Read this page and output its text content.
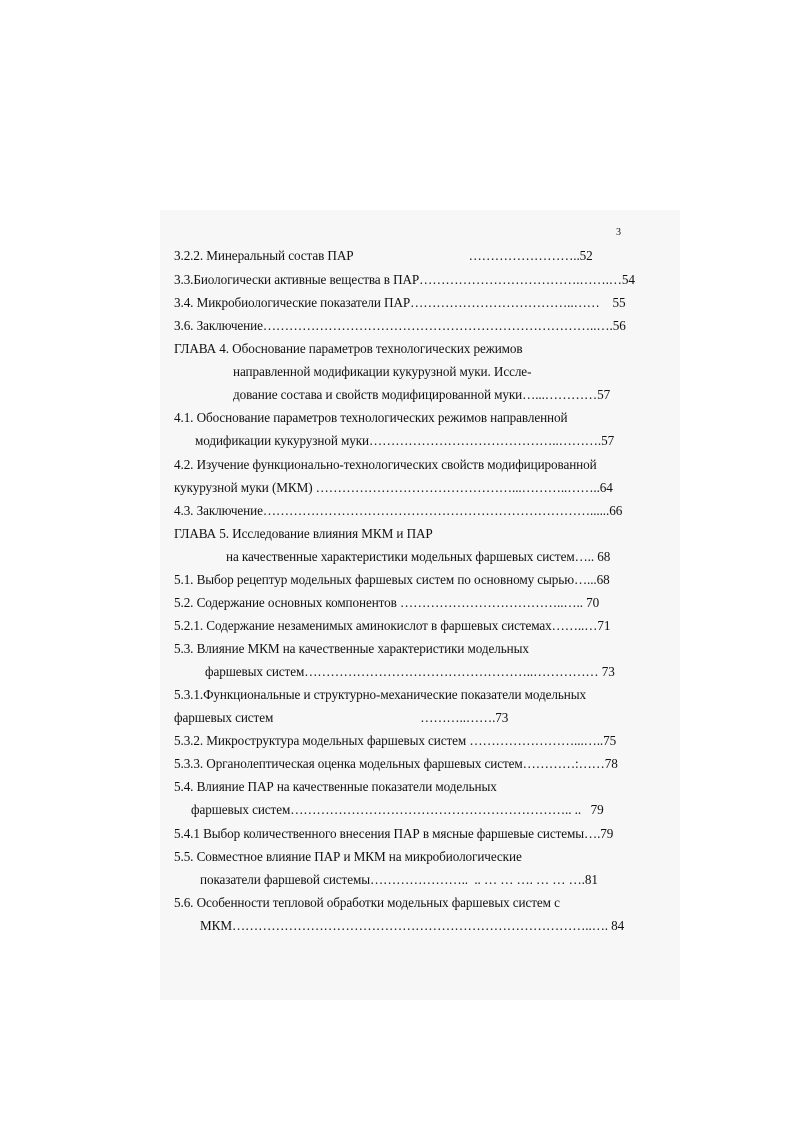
3
3.2.2. Минеральный состав ПАР                                    ……………………..52
3.3.Биологически активные вещества в ПАР……………………………….…….…54
3.4. Микробиологические показатели ПАР………………………………..……    55
3.6. Заключение…………………………………………………………………..….56
ГЛАВА 4. Обоснование параметров технологических режимов
направленной модификации кукурузной муки. Иссле-
дование состава и свойств модифицированной муки…...…………57
4.1. Обоснование параметров технологических режимов направленной
модификации кукурузной муки……………………………………..……….57
4.2. Изучение функционально-технологических свойств модифицированной
кукурузной муки (МКМ) ………………………………………...………..……..64
4.3. Заключение…………………………………………………………………......66
ГЛАВА 5. Исследование влияния МКМ и ПАР
на качественные характеристики модельных фаршевых систем….. 68
5.1. Выбор рецептур модельных фаршевых систем по основному сырью…...68
5.2. Содержание основных компонентов ………………………………..….. 70
5.2.1. Содержание незаменимых аминокислот в фаршевых системах……..…71
5.3. Влияние МКМ на качественные характеристики модельных
фаршевых систем……………………………………………..…………… 73
5.3.1.Функциональные и структурно-механические показатели модельных
фаршевых систем                                              ………..…….73
5.3.2. Микроструктура модельных фаршевых систем ……………………...…..75
5.3.3. Органолептическая оценка модельных фаршевых систем…………:……78
5.4. Влияние ПАР на качественные показатели модельных
фаршевых систем……………………………………………………….. ..   79
5.4.1 Выбор количественного внесения ПАР в мясные фаршевые системы….79
5.5. Совместное влияние ПАР и МКМ на микробиологические
показатели фаршевой системы…………………..  .. … … …. … … ….81
5.6. Особенности тепловой обработки модельных фаршевых систем с
МКМ………………………………………………………………………..…. 84
